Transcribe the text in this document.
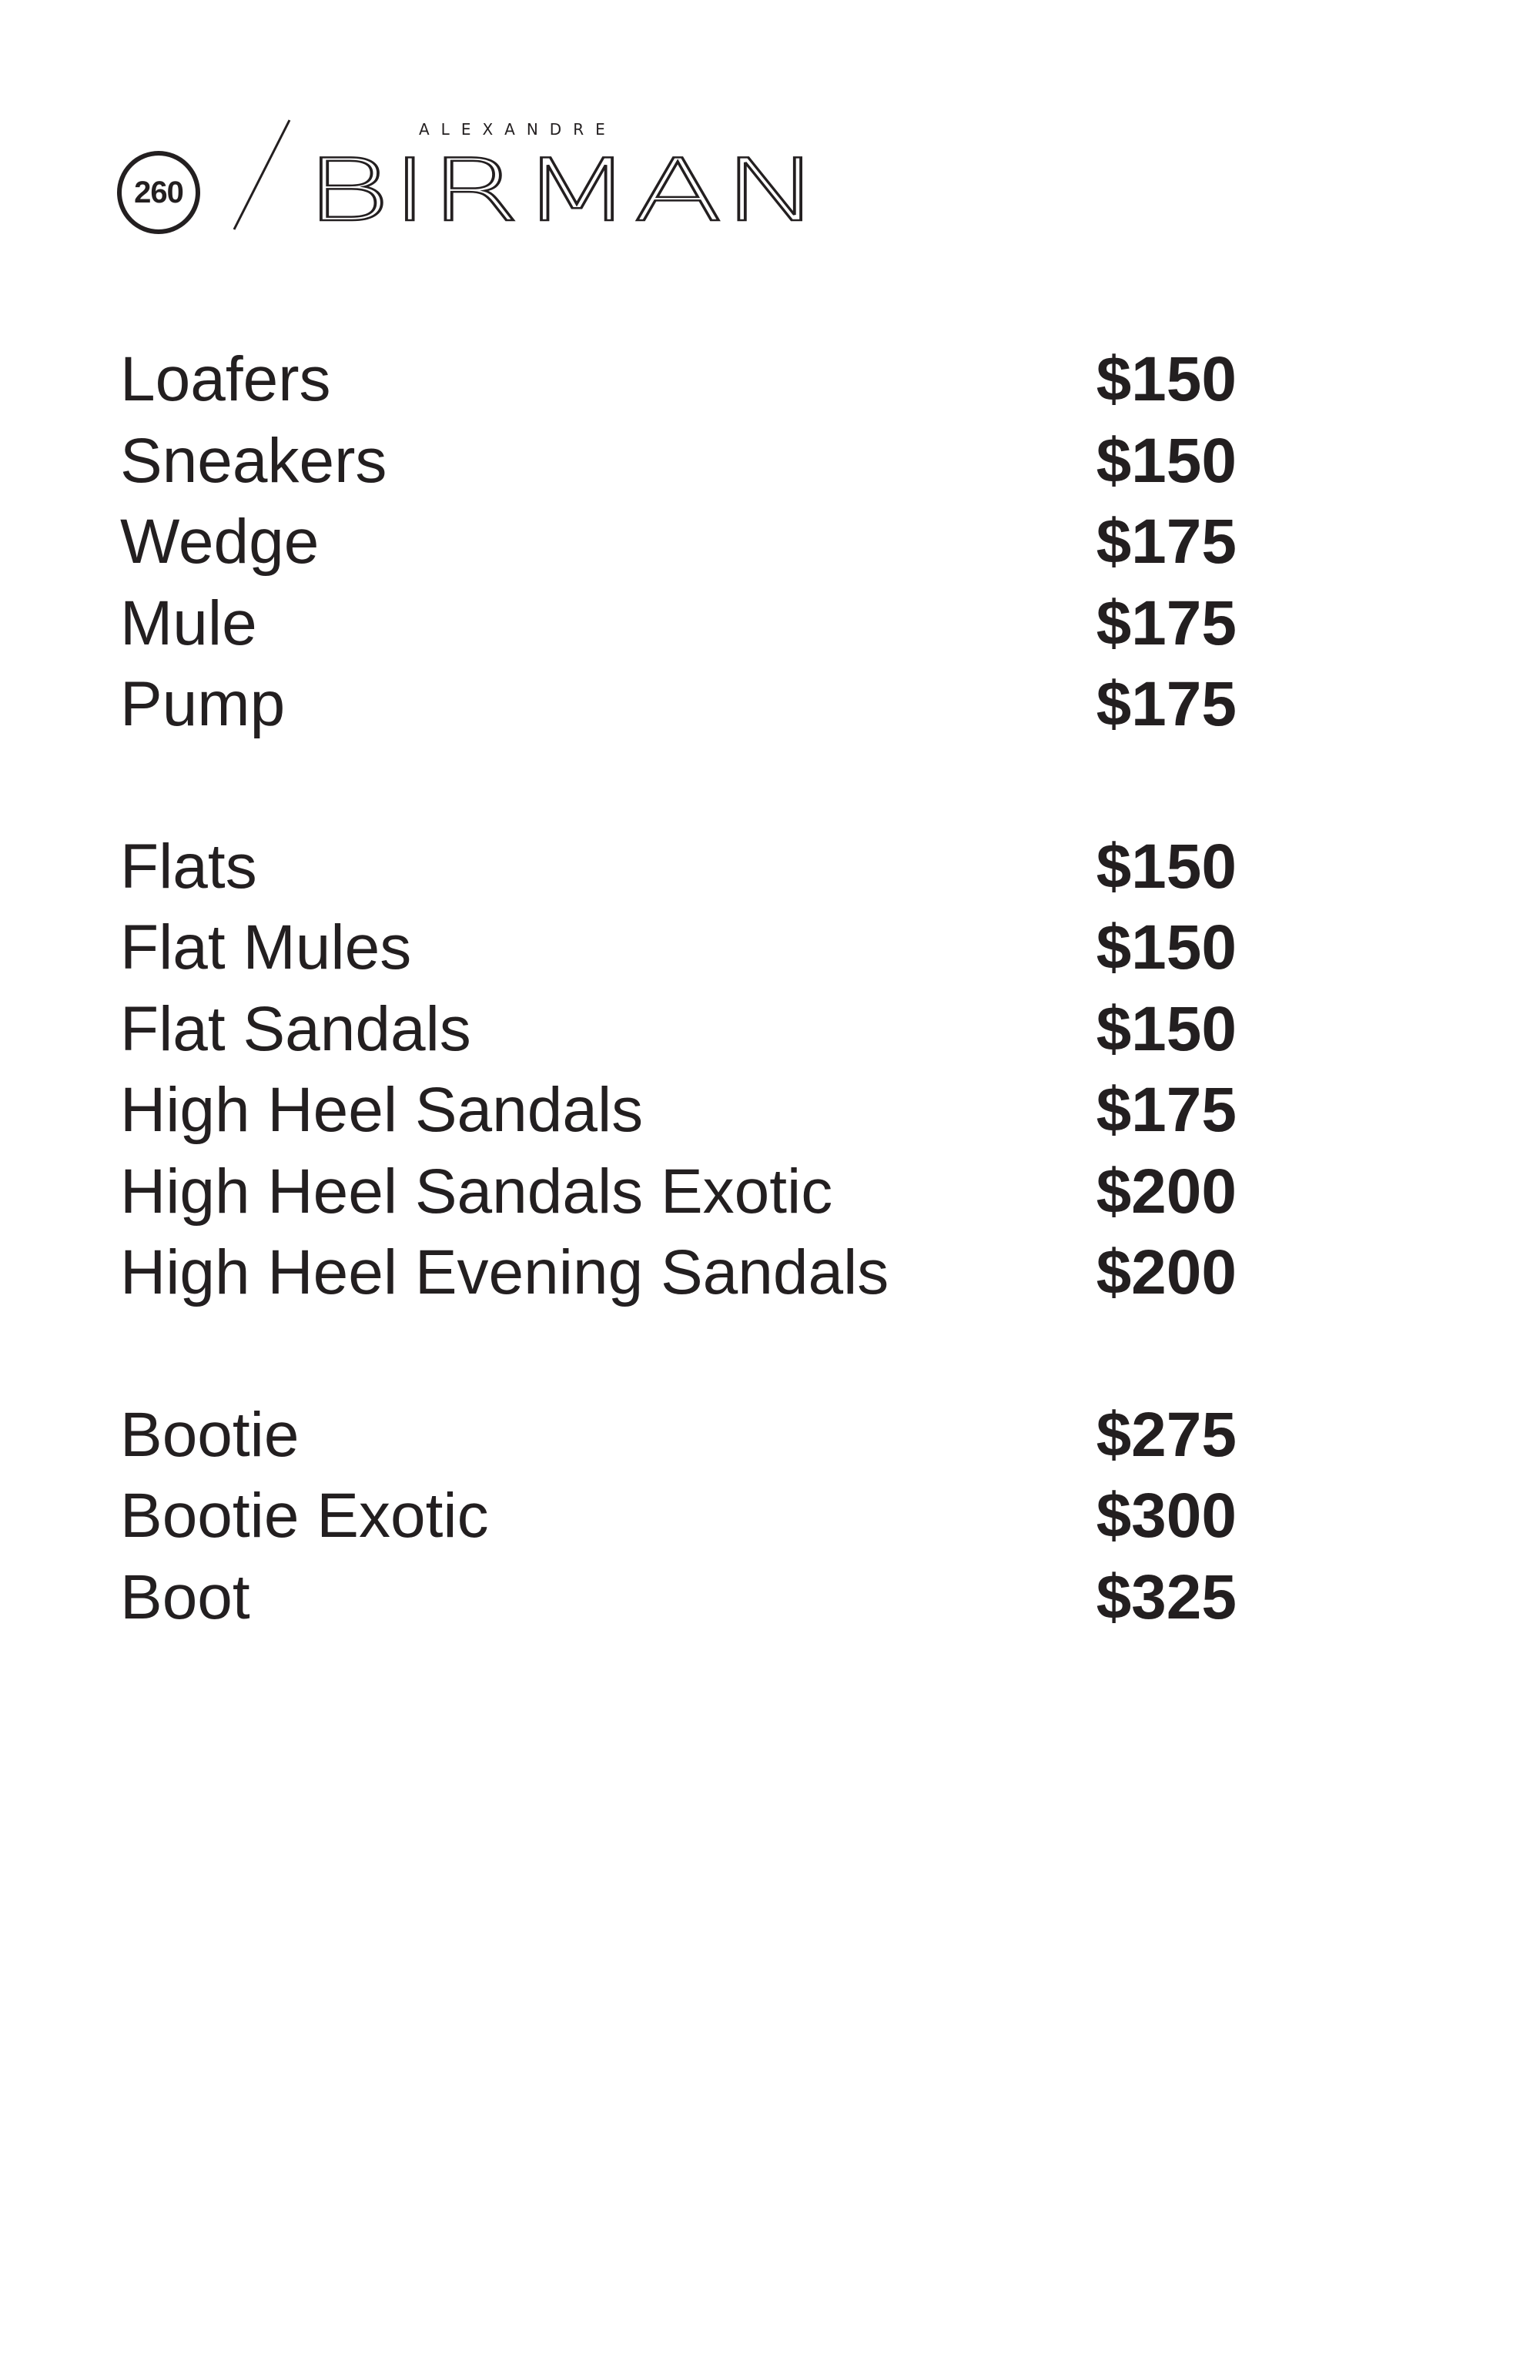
260
ALEXANDRE
BIRMAN
Loafers	$150
Sneakers	$150
Wedge	$175
Mule	$175
Pump	$175
Flats	$150
Flat Mules	$150
Flat Sandals	$150
High Heel Sandals	$175
High Heel Sandals Exotic	$200
High Heel Evening Sandals	$200
Bootie	$275
Bootie Exotic	$300
Boot	$325
